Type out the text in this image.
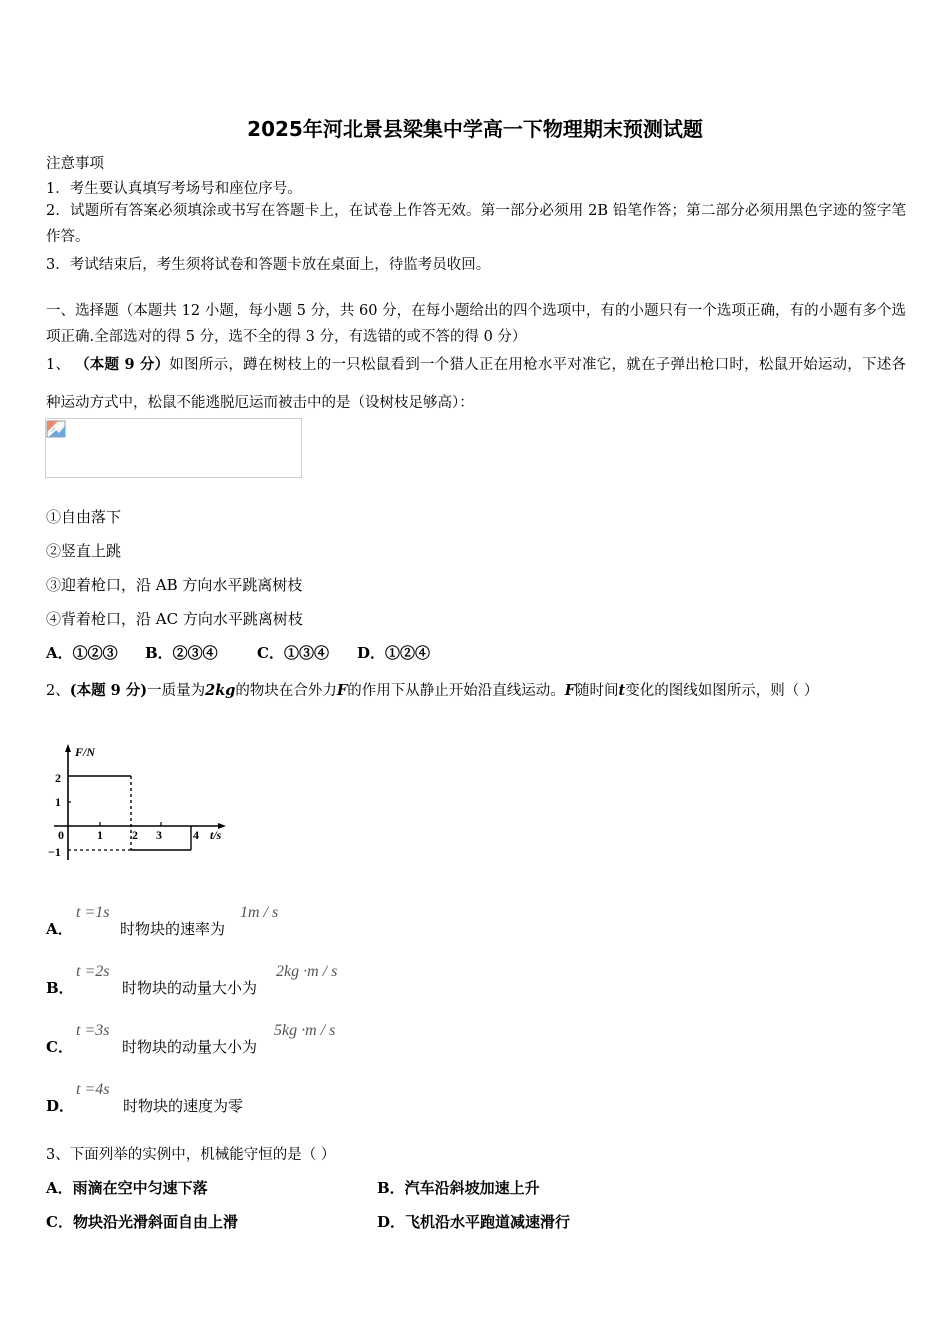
2025年河北景县梁集中学高一下物理期末预测试题
注意事项
1．考生要认真填写考场号和座位序号。
2．试题所有答案必须填涂或书写在答题卡上，在试卷上作答无效。第一部分必须用 2B 铅笔作答；第二部分必须用黑色字迹的签字笔作答。
3．考试结束后，考生须将试卷和答题卡放在桌面上，待监考员收回。
一、选择题（本题共 12 小题，每小题 5 分，共 60 分，在每小题给出的四个选项中，有的小题只有一个选项正确，有的小题有多个选项正确.全部选对的得 5 分，选不全的得 3 分，有选错的或不答的得 0 分）
1、 （本题 9 分）如图所示，蹲在树枝上的一只松鼠看到一个猎人正在用枪水平对准它，就在子弹出枪口时，松鼠开始运动，下述各种运动方式中，松鼠不能逃脱厄运而被击中的是（设树枝足够高）：
①自由落下
②竖直上跳
③迎着枪口，沿 AB 方向水平跳离树枝
④背着枪口，沿 AC 方向水平跳离树枝
A．①②③ B．②③④	C．①③④ D．①②④
2、(本题 9 分)一质量为2kg的物块在合外力F的作用下从静止开始沿直线运动。F随时间t变化的图线如图所示，则（ ）
F/N
t/s
2
1
0
−1
1 2 3	4
A．
t =1s
时物块的速率为
1m / s
B．
t =2s
时物块的动量大小为
2kg ·m / s
C．
t =3s
时物块的动量大小为
5kg ·m / s
D．
t =4s
时物块的速度为零
3、下面列举的实例中，机械能守恒的是（ ）
A．雨滴在空中匀速下落	B．汽车沿斜坡加速上升
C．物块沿光滑斜面自由上滑	D．飞机沿水平跑道减速滑行
